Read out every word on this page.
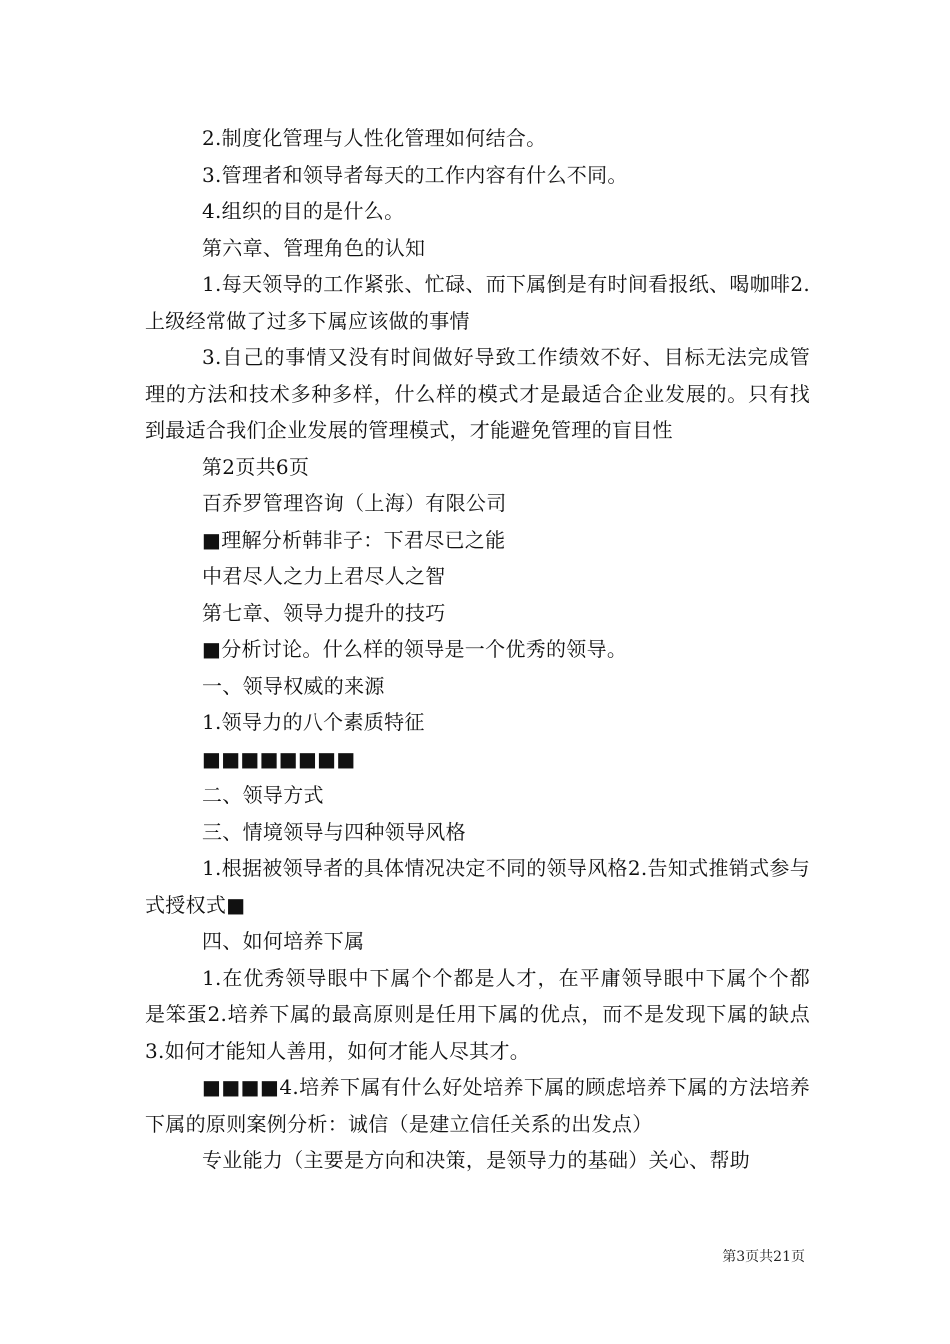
2.制度化管理与人性化管理如何结合。

3.管理者和领导者每天的工作内容有什么不同。

4.组织的目的是什么。

第六章、管理角色的认知

1.每天领导的工作紧张、忙碌、而下属倒是有时间看报纸、喝咖啡2.上级经常做了过多下属应该做的事情

3.自己的事情又没有时间做好导致工作绩效不好、目标无法完成管理的方法和技术多种多样，什么样的模式才是最适合企业发展的。只有找到最适合我们企业发展的管理模式，才能避免管理的盲目性

第2页共6页

百乔罗管理咨询（上海）有限公司

■理解分析韩非子：下君尽已之能

中君尽人之力上君尽人之智

第七章、领导力提升的技巧

■分析讨论。什么样的领导是一个优秀的领导。

一、领导权威的来源

1.领导力的八个素质特征

■■■■■■■■

二、领导方式

三、情境领导与四种领导风格

1.根据被领导者的具体情况决定不同的领导风格2.告知式推销式参与式授权式■

四、如何培养下属

1.在优秀领导眼中下属个个都是人才，在平庸领导眼中下属个个都是笨蛋2.培养下属的最高原则是任用下属的优点，而不是发现下属的缺点3.如何才能知人善用，如何才能人尽其才。

■■■■4.培养下属有什么好处培养下属的顾虑培养下属的方法培养下属的原则案例分析：诚信（是建立信任关系的出发点）

专业能力（主要是方向和决策，是领导力的基础）关心、帮助

第3页共21页
